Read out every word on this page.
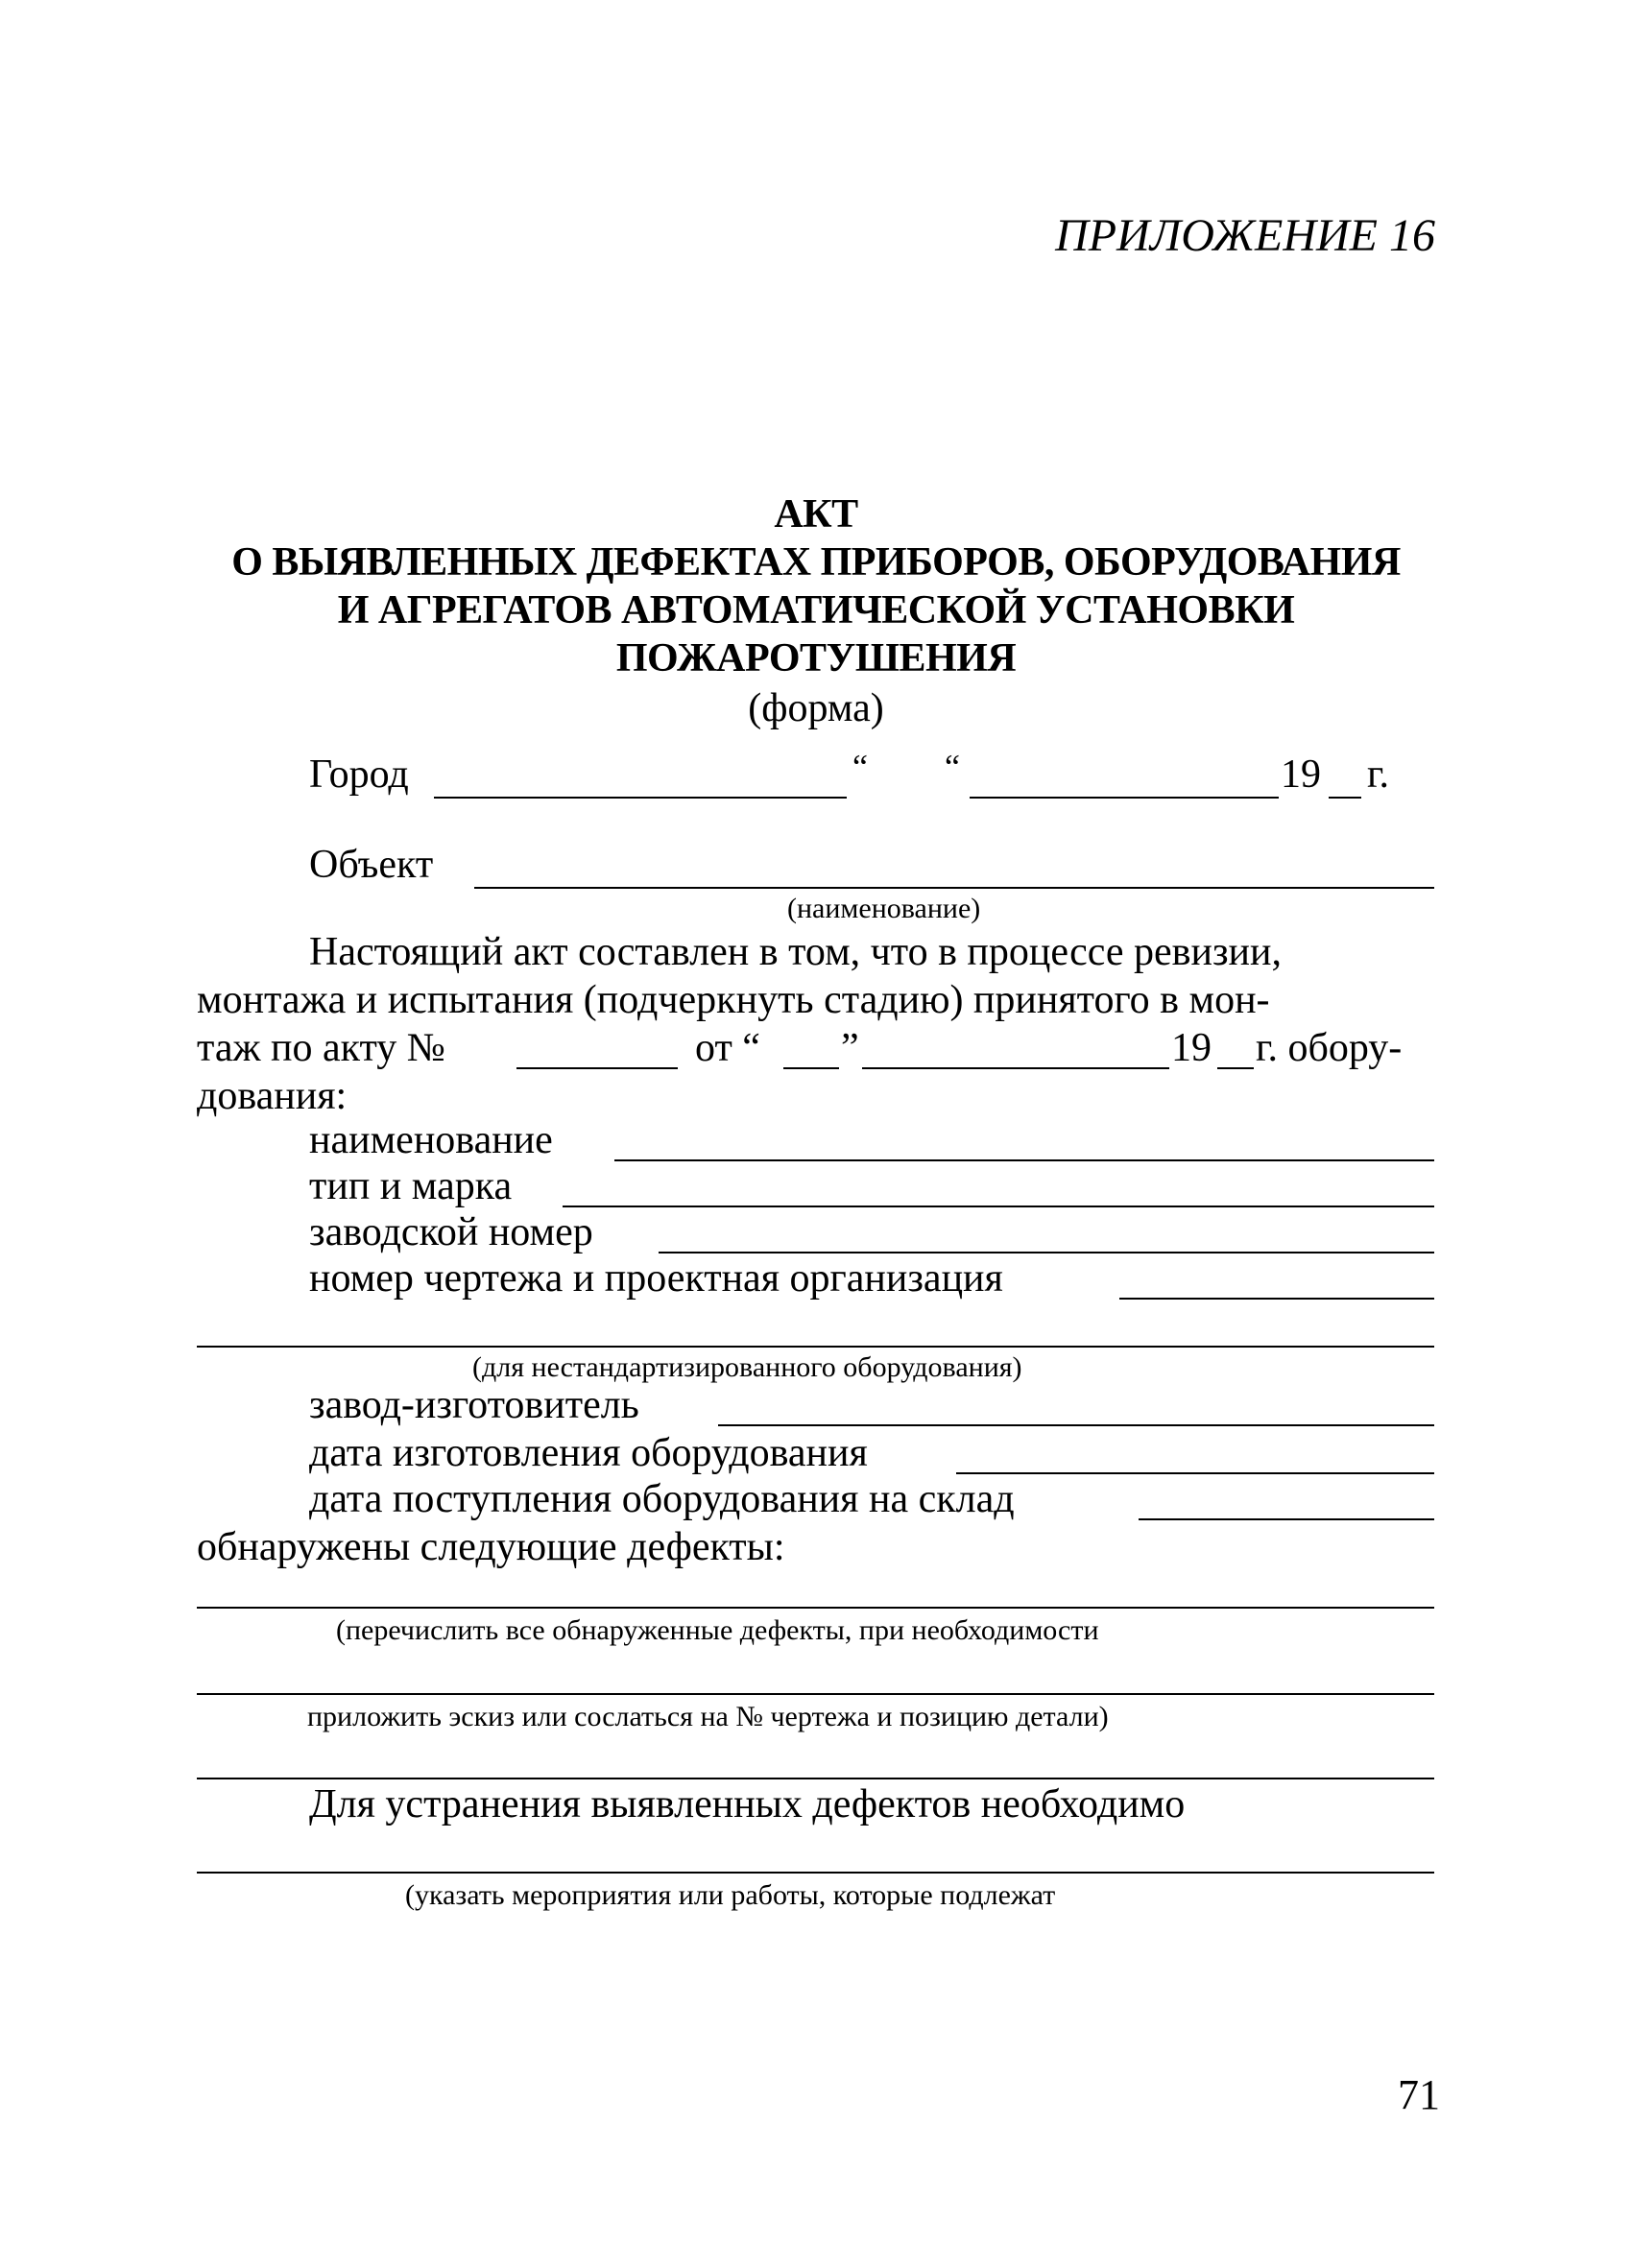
ПРИЛОЖЕНИЕ 16
АКТ
О ВЫЯВЛЕННЫХ ДЕФЕКТАХ ПРИБОРОВ, ОБОРУДОВАНИЯ
И АГРЕГАТОВ АВТОМАТИЧЕСКОЙ УСТАНОВКИ
ПОЖАРОТУШЕНИЯ
(форма)
Город	“ “	19 г.
Объект
(наименование)
Настоящий акт составлен в том, что в процессе ревизии,
монтажа и испытания (подчеркнуть стадию) принятого в мон-
таж по акту №	от “ ”	19 г. обору-
дования:
наименование
тип и марка
заводской номер
номер чертежа и проектная организация
(для нестандартизированного оборудования)
завод-изготовитель
дата изготовления оборудования
дата поступления оборудования на склад
обнаружены следующие дефекты:
(перечислить все обнаруженные дефекты, при необходимости
приложить эскиз или сослаться на № чертежа и позицию детали)
Для устранения выявленных дефектов необходимо
(указать мероприятия или работы, которые подлежат
71
